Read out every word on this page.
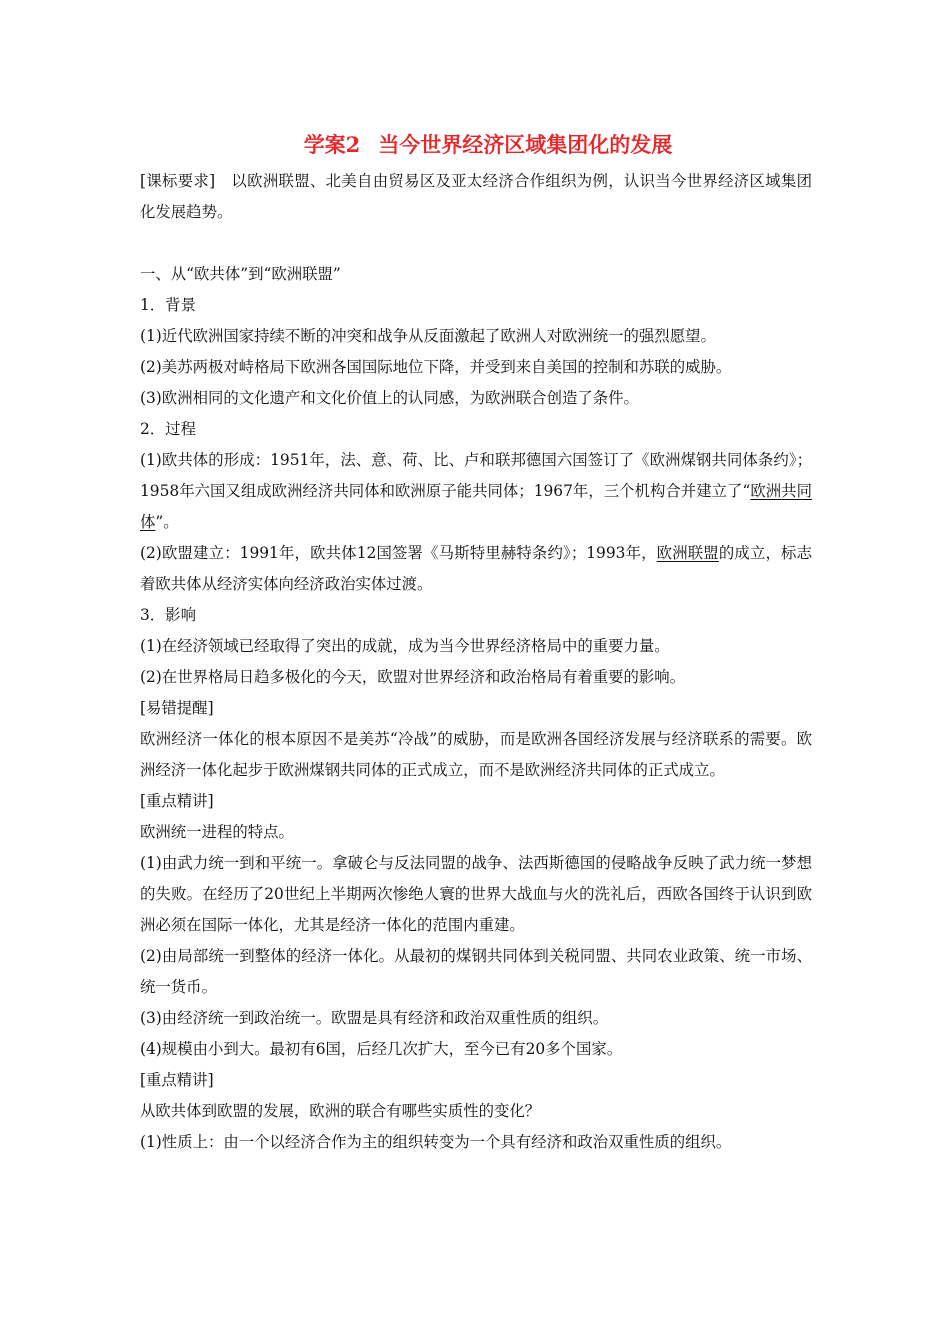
学案2 当今世界经济区域集团化的发展

[课标要求] 以欧洲联盟、北美自由贸易区及亚太经济合作组织为例，认识当今世界经济区域集团化发展趋势。

一、从“欧共体”到“欧洲联盟”

1．背景

(1)近代欧洲国家持续不断的冲突和战争从反面激起了欧洲人对欧洲统一的强烈愿望。

(2)美苏两极对峙格局下欧洲各国国际地位下降，并受到来自美国的控制和苏联的威胁。

(3)欧洲相同的文化遗产和文化价值上的认同感，为欧洲联合创造了条件。

2．过程

(1)欧共体的形成：1951年，法、意、荷、比、卢和联邦德国六国签订了《欧洲煤钢共同体条约》；1958年六国又组成欧洲经济共同体和欧洲原子能共同体；1967年，三个机构合并建立了“欧洲共同体”。

(2)欧盟建立：1991年，欧共体12国签署《马斯特里赫特条约》；1993年，欧洲联盟的成立，标志着欧共体从经济实体向经济政治实体过渡。

3．影响

(1)在经济领域已经取得了突出的成就，成为当今世界经济格局中的重要力量。

(2)在世界格局日趋多极化的今天，欧盟对世界经济和政治格局有着重要的影响。

[易错提醒]

欧洲经济一体化的根本原因不是美苏“冷战”的威胁，而是欧洲各国经济发展与经济联系的需要。欧洲经济一体化起步于欧洲煤钢共同体的正式成立，而不是欧洲经济共同体的正式成立。

[重点精讲]

欧洲统一进程的特点。

(1)由武力统一到和平统一。拿破仑与反法同盟的战争、法西斯德国的侵略战争反映了武力统一梦想的失败。在经历了20世纪上半期两次惨绝人寰的世界大战血与火的洗礼后，西欧各国终于认识到欧洲必须在国际一体化，尤其是经济一体化的范围内重建。

(2)由局部统一到整体的经济一体化。从最初的煤钢共同体到关税同盟、共同农业政策、统一市场、统一货币。

(3)由经济统一到政治统一。欧盟是具有经济和政治双重性质的组织。

(4)规模由小到大。最初有6国，后经几次扩大，至今已有20多个国家。

[重点精讲]

从欧共体到欧盟的发展，欧洲的联合有哪些实质性的变化？

(1)性质上：由一个以经济合作为主的组织转变为一个具有经济和政治双重性质的组织。
